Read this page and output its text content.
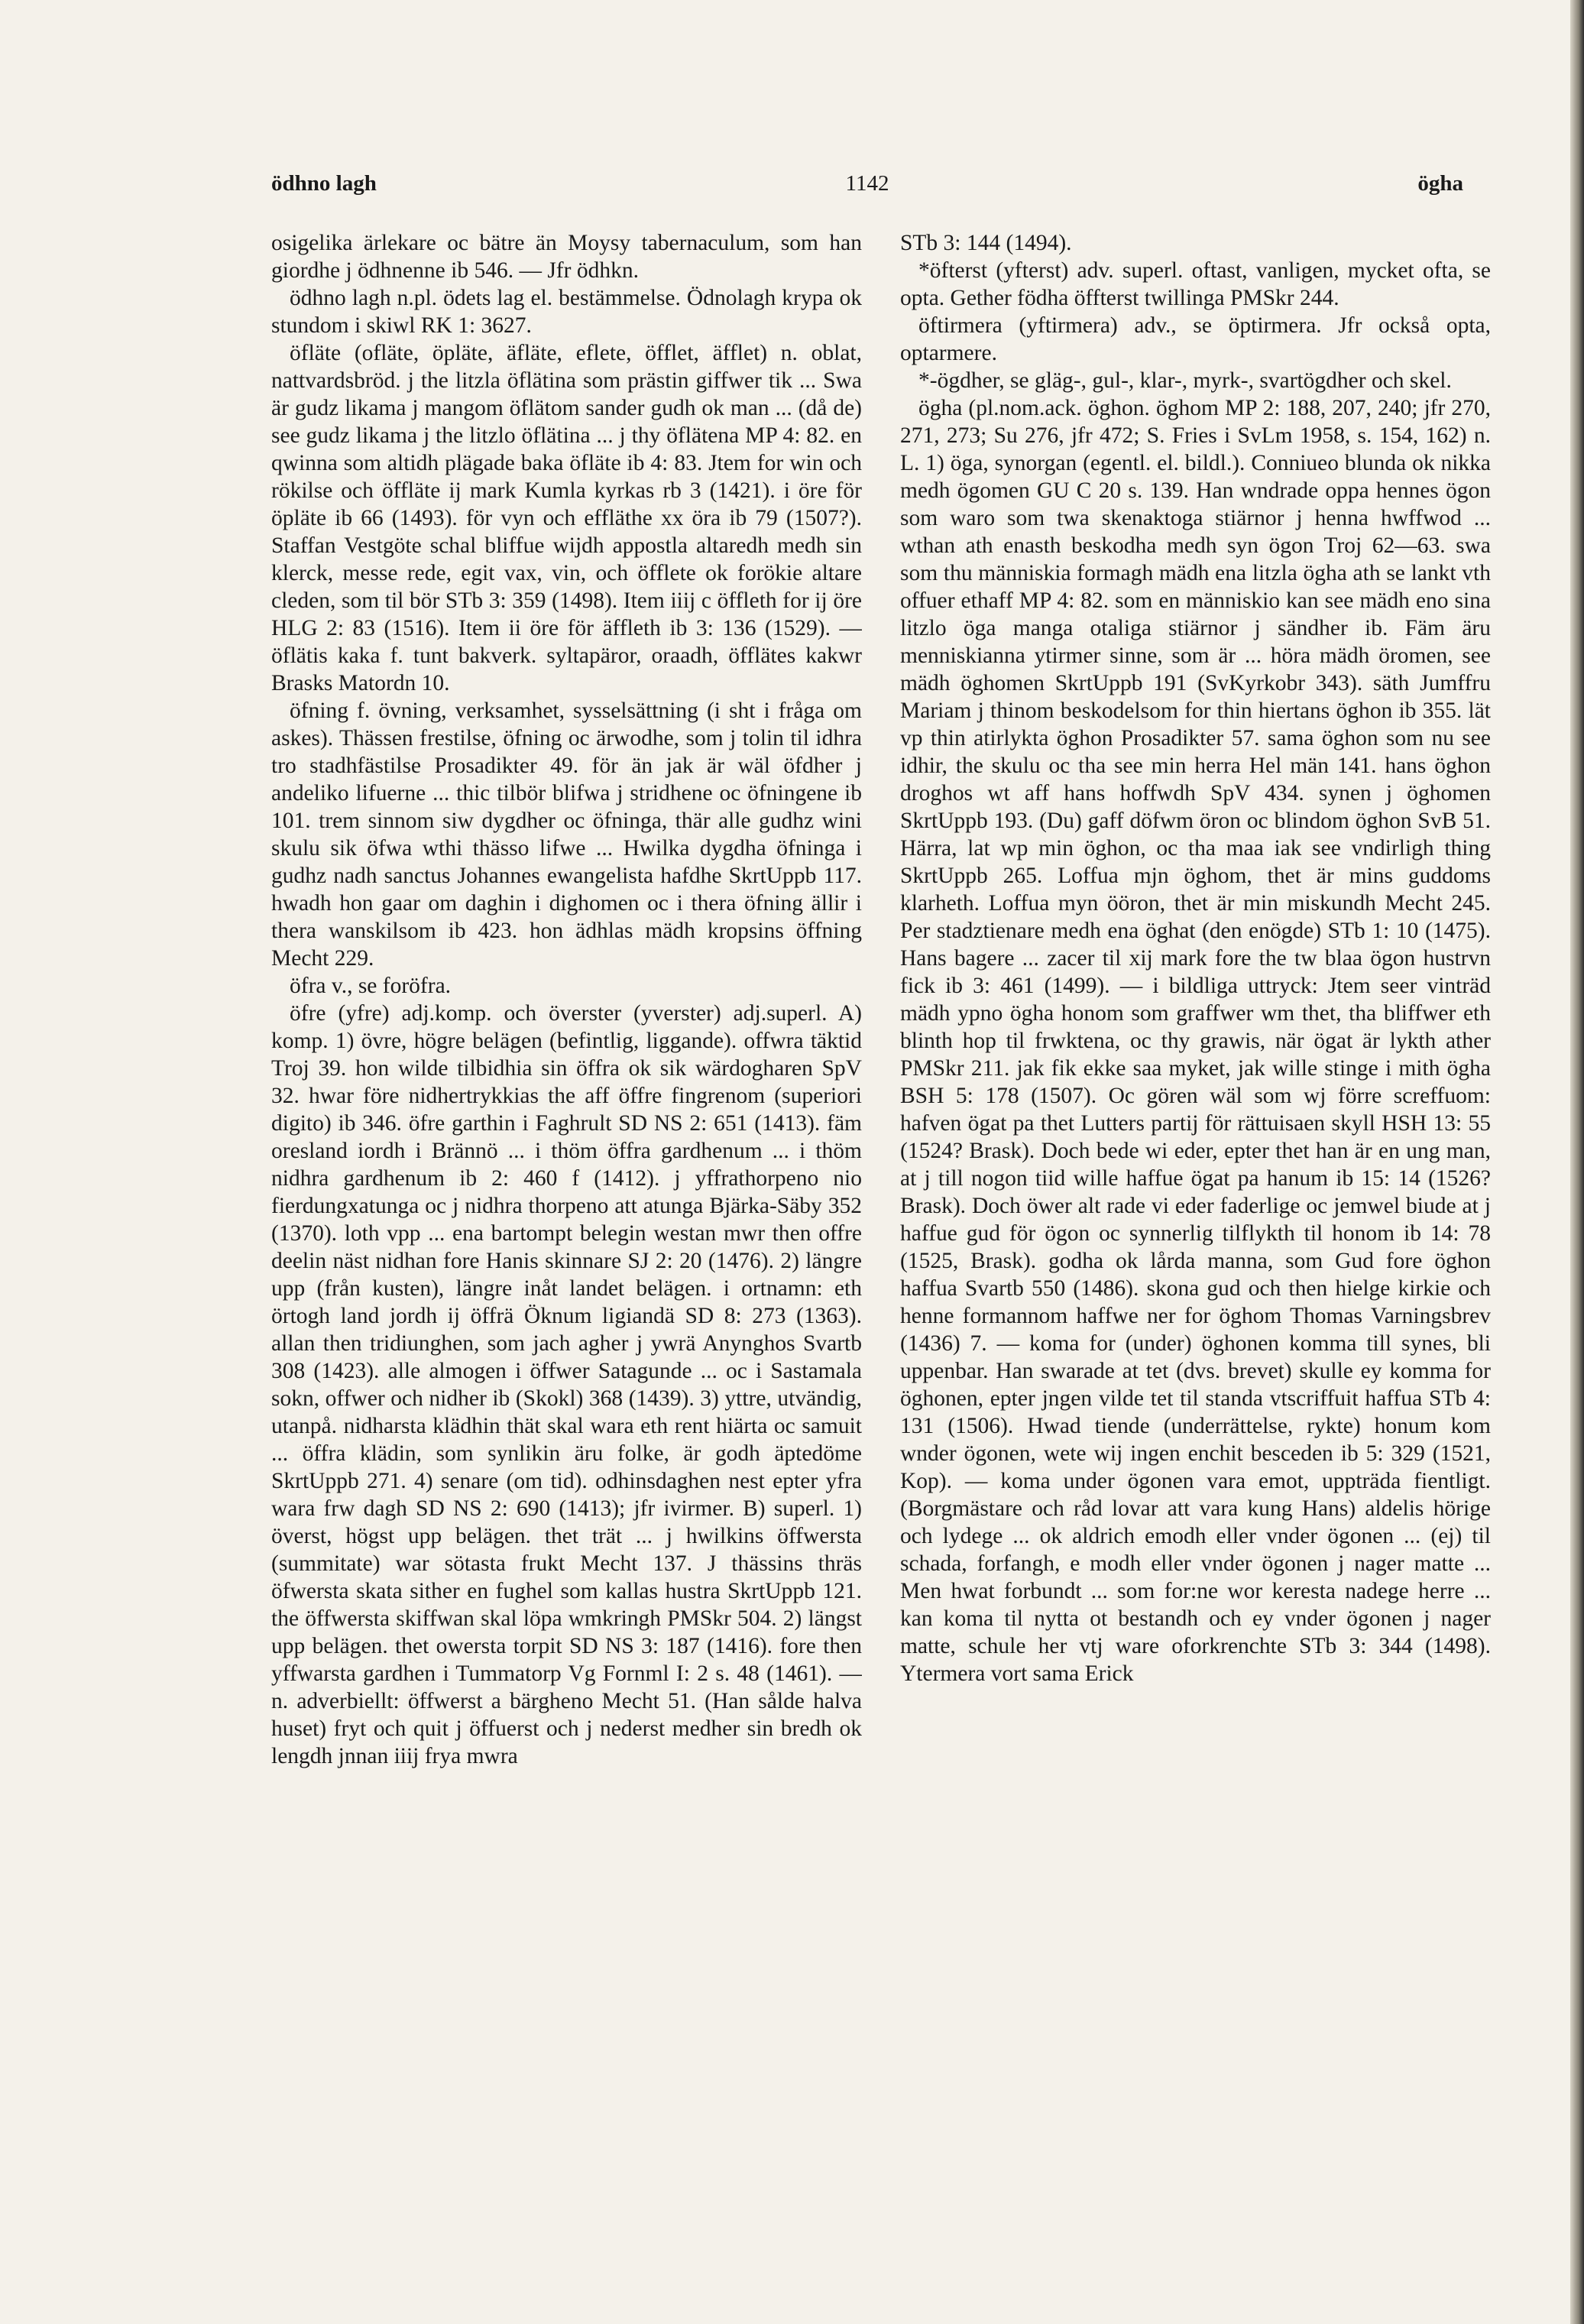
ödhno lagh	1142	ögha

osigelika ärlekare oc bätre än Moysy tabernaculum, som han giordhe j ödhnenne ib 546. — Jfr ödhkn.

ödhno lagh n.pl. ödets lag el. bestämmelse. Ödnolagh krypa ok stundom i skiwl RK 1: 3627.

öfläte (ofläte, öpläte, äfläte, eflete, öfflet, äfflet) n. oblat, nattvardsbröd. j the litzla öflätina som prästin giffwer tik ... Swa är gudz likama j mangom öflätom sander gudh ok man ... (då de) see gudz likama j the litzlo öflätina ... j thy öflätena MP 4: 82. en qwinna som altidh plägade baka öfläte ib 4: 83. Jtem for win och rökilse och öffläte ij mark Kumla kyrkas rb 3 (1421). i öre för öpläte ib 66 (1493). för vyn och effläthe xx öra ib 79 (1507?). Staffan Vestgöte schal bliffue wijdh appostla altaredh medh sin klerck, messe rede, egit vax, vin, och öfflete ok forökie altare cleden, som til bör STb 3: 359 (1498). Item iiij c öffleth for ij öre HLG 2: 83 (1516). Item ii öre för äffleth ib 3: 136 (1529). — öflätis kaka f. tunt bakverk. syltapäror, oraadh, öfflätes kakwr Brasks Matordn 10.

öfning f. övning, verksamhet, sysselsättning (i sht i fråga om askes). Thässen frestilse, öfning oc ärwodhe, som j tolin til idhra tro stadhfästilse Prosadikter 49. för än jak är wäl öfdher j andeliko lifuerne ... thic tilbör blifwa j stridhene oc öfningene ib 101. trem sinnom siw dygdher oc öfninga, thär alle gudhz wini skulu sik öfwa wthi thässo lifwe ... Hwilka dygdha öfninga i gudhz nadh sanctus Johannes ewangelista hafdhe SkrtUppb 117. hwadh hon gaar om daghin i dighomen oc i thera öfning ällir i thera wanskilsom ib 423. hon ädhlas mädh kropsins öffning Mecht 229.

öfra v., se foröfra.

öfre (yfre) adj.komp. och överster (yverster) adj.superl. A) komp. 1) övre, högre belägen (befintlig, liggande). offwra täktid Troj 39. hon wilde tilbidhia sin öffra ok sik wärdogharen SpV 32. hwar före nidhertrykkias the aff öffre fingrenom (superiori digito) ib 346. öfre garthin i Faghrult SD NS 2: 651 (1413). fäm oresland iordh i Brännö ... i thöm öffra gardhenum ... i thöm nidhra gardhenum ib 2: 460 f (1412). j yffrathorpeno nio fierdungxatunga oc j nidhra thorpeno att atunga Bjärka-Säby 352 (1370). loth vpp ... ena bartompt belegin westan mwr then offre deelin näst nidhan fore Hanis skinnare SJ 2: 20 (1476). 2) längre upp (från kusten), längre inåt landet belägen. i ortnamn: eth örtogh land jordh ij öffrä Öknum ligiandä SD 8: 273 (1363). allan then tridiunghen, som jach agher j ywrä Anynghos Svartb 308 (1423). alle almogen i öffwer Satagunde ... oc i Sastamala sokn, offwer och nidher ib (Skokl) 368 (1439). 3) yttre, utvändig, utanpå. nidharsta klädhin thät skal wara eth rent hiärta oc samuit ... öffra klädin, som synlikin äru folke, är godh äptedöme SkrtUppb 271. 4) senare (om tid). odhinsdaghen nest epter yfra wara frw dagh SD NS 2: 690 (1413); jfr ivirmer. B) superl. 1) överst, högst upp belägen. thet trät ... j hwilkins öffwersta (summitate) war sötasta frukt Mecht 137. J thässins thräs öfwersta skata sither en fughel som kallas hustra SkrtUppb 121. the öffwersta skiffwan skal löpa wmkringh PMSkr 504. 2) längst upp belägen. thet owersta torpit SD NS 3: 187 (1416). fore then yffwarsta gardhen i Tummatorp Vg Fornml I: 2 s. 48 (1461). — n. adverbiellt: öffwerst a bärgheno Mecht 51. (Han sålde halva huset) fryt och quit j öffuerst och j nederst medher sin bredh ok lengdh jnnan iiij frya mwra

STb 3: 144 (1494).

*öfterst (yfterst) adv. superl. oftast, vanligen, mycket ofta, se opta. Gether födha öffterst twillinga PMSkr 244.

öftirmera (yftirmera) adv., se öptirmera. Jfr också opta, optarmere.

*-ögdher, se gläg-, gul-, klar-, myrk-, svartögdher och skel.

ögha (pl.nom.ack. öghon. öghom MP 2: 188, 207, 240; jfr 270, 271, 273; Su 276, jfr 472; S. Fries i SvLm 1958, s. 154, 162) n. L. 1) öga, synorgan (egentl. el. bildl.). Conniueo blunda ok nikka medh ögomen GU C 20 s. 139. Han wndrade oppa hennes ögon som waro som twa skenaktoga stiärnor j henna hwffwod ... wthan ath enasth beskodha medh syn ögon Troj 62—63. swa som thu människia formagh mädh ena litzla ögha ath se lankt vth offuer ethaff MP 4: 82. som en människio kan see mädh eno sina litzlo öga manga otaliga stiärnor j sändher ib. Fäm äru menniskianna ytirmer sinne, som är ... höra mädh öromen, see mädh öghomen SkrtUppb 191 (SvKyrkobr 343). säth Jumffru Mariam j thinom beskodelsom for thin hiertans öghon ib 355. lät vp thin atirlykta öghon Prosadikter 57. sama öghon som nu see idhir, the skulu oc tha see min herra Hel män 141. hans öghon droghos wt aff hans hoffwdh SpV 434. synen j öghomen SkrtUppb 193. (Du) gaff döfwm öron oc blindom öghon SvB 51. Härra, lat wp min öghon, oc tha maa iak see vndirligh thing SkrtUppb 265. Loffua mjn öghom, thet är mins guddoms klarheth. Loffua myn ööron, thet är min miskundh Mecht 245. Per stadztienare medh ena öghat (den enögde) STb 1: 10 (1475). Hans bagere ... zacer til xij mark fore the tw blaa ögon hustrvn fick ib 3: 461 (1499). — i bildliga uttryck: Jtem seer vinträd mädh ypno ögha honom som graffwer wm thet, tha bliffwer eth blinth hop til frwktena, oc thy grawis, när ögat är lykth ather PMSkr 211. jak fik ekke saa myket, jak wille stinge i mith ögha BSH 5: 178 (1507). Oc gören wäl som wj förre screffuom: hafven ögat pa thet Lutters partij för rättuisaen skyll HSH 13: 55 (1524? Brask). Doch bede wi eder, epter thet han är en ung man, at j till nogon tiid wille haffue ögat pa hanum ib 15: 14 (1526? Brask). Doch öwer alt rade vi eder faderlige oc jemwel biude at j haffue gud för ögon oc synnerlig tilflykth til honom ib 14: 78 (1525, Brask). godha ok lårda manna, som Gud fore öghon haffua Svartb 550 (1486). skona gud och then hielge kirkie och henne formannom haffwe ner for öghom Thomas Varningsbrev (1436) 7. — koma for (under) öghonen komma till synes, bli uppenbar. Han swarade at tet (dvs. brevet) skulle ey komma for öghonen, epter jngen vilde tet til standa vtscriffuit haffua STb 4: 131 (1506). Hwad tiende (underrättelse, rykte) honum kom wnder ögonen, wete wij ingen enchit besceden ib 5: 329 (1521, Kop). — koma under ögonen vara emot, uppträda fientligt. (Borgmästare och råd lovar att vara kung Hans) aldelis hörige och lydege ... ok aldrich emodh eller vnder ögonen ... (ej) til schada, forfangh, e modh eller vnder ögonen j nager matte ... Men hwat forbundt ... som for:ne wor keresta nadege herre ... kan koma til nytta ot bestandh och ey vnder ögonen j nager matte, schule her vtj ware oforkrenchte STb 3: 344 (1498). Ytermera vort sama Erick
